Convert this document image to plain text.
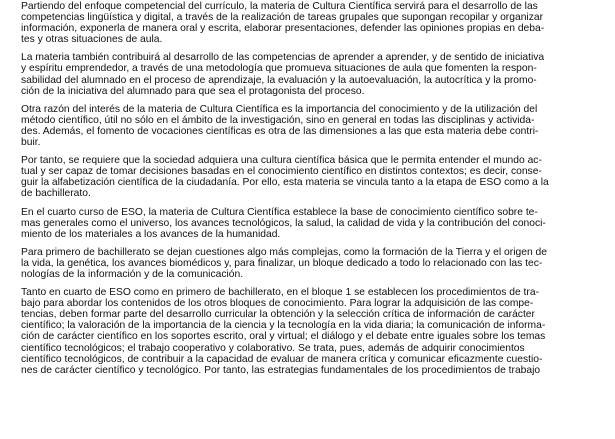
Partiendo del enfoque competencial del currículo, la materia de Cultura Científica servirá para el desarrollo de las
competencias lingüística y digital, a través de la realización de tareas grupales que supongan recopilar y organizar
información, exponerla de manera oral y escrita, elaborar presentaciones, defender las opiniones propias en deba-
tes y otras situaciones de aula.

La materia también contribuirá al desarrollo de las competencias de aprender a aprender, y de sentido de iniciativa
y espíritu emprendedor, a través de una metodología que promueva situaciones de aula que fomenten la respon-
sabilidad del alumnado en el proceso de aprendizaje, la evaluación y la autoevaluación, la autocrítica y la promo-
ción de la iniciativa del alumnado para que sea el protagonista del proceso.

Otra razón del interés de la materia de Cultura Científica es la importancia del conocimiento y de la utilización del
método científico, útil no sólo en el ámbito de la investigación, sino en general en todas las disciplinas y activida-
des. Además, el fomento de vocaciones científicas es otra de las dimensiones a las que esta materia debe contri-
buir.

Por tanto, se requiere que la sociedad adquiera una cultura científica básica que le permita entender el mundo ac-
tual y ser capaz de tomar decisiones basadas en el conocimiento científico en distintos contextos; es decir, conse-
guir la alfabetización científica de la ciudadanía. Por ello, esta materia se vincula tanto a la etapa de ESO como a la
de bachillerato.

En el cuarto curso de ESO, la materia de Cultura Científica establece la base de conocimiento científico sobre te-
mas generales como el universo, los avances tecnológicos, la salud, la calidad de vida y la contribución del conoci-
miento de los materiales a los avances de la humanidad.

Para primero de bachillerato se dejan cuestiones algo más complejas, como la formación de la Tierra y el origen de
la vida, la genética, los avances biomédicos y, para finalizar, un bloque dedicado a todo lo relacionado con las tec-
nologías de la información y de la comunicación.

Tanto en cuarto de ESO como en primero de bachillerato, en el bloque 1 se establecen los procedimientos de tra-
bajo para abordar los contenidos de los otros bloques de conocimiento. Para lograr la adquisición de las compe-
tencias, deben formar parte del desarrollo curricular la obtención y la selección crítica de información de carácter
científico; la valoración de la importancia de la ciencia y la tecnología en la vida diaria; la comunicación de informa-
ción de carácter científico en los soportes escrito, oral y virtual; el diálogo y el debate entre iguales sobre los temas
científico tecnológicos; el trabajo cooperativo y colaborativo. Se trata, pues, además de adquirir conocimientos
científico tecnológicos, de contribuir a la capacidad de evaluar de manera crítica y comunicar eficazmente cuestio-
nes de carácter científico y tecnológico. Por tanto, las estrategias fundamentales de los procedimientos de trabajo
